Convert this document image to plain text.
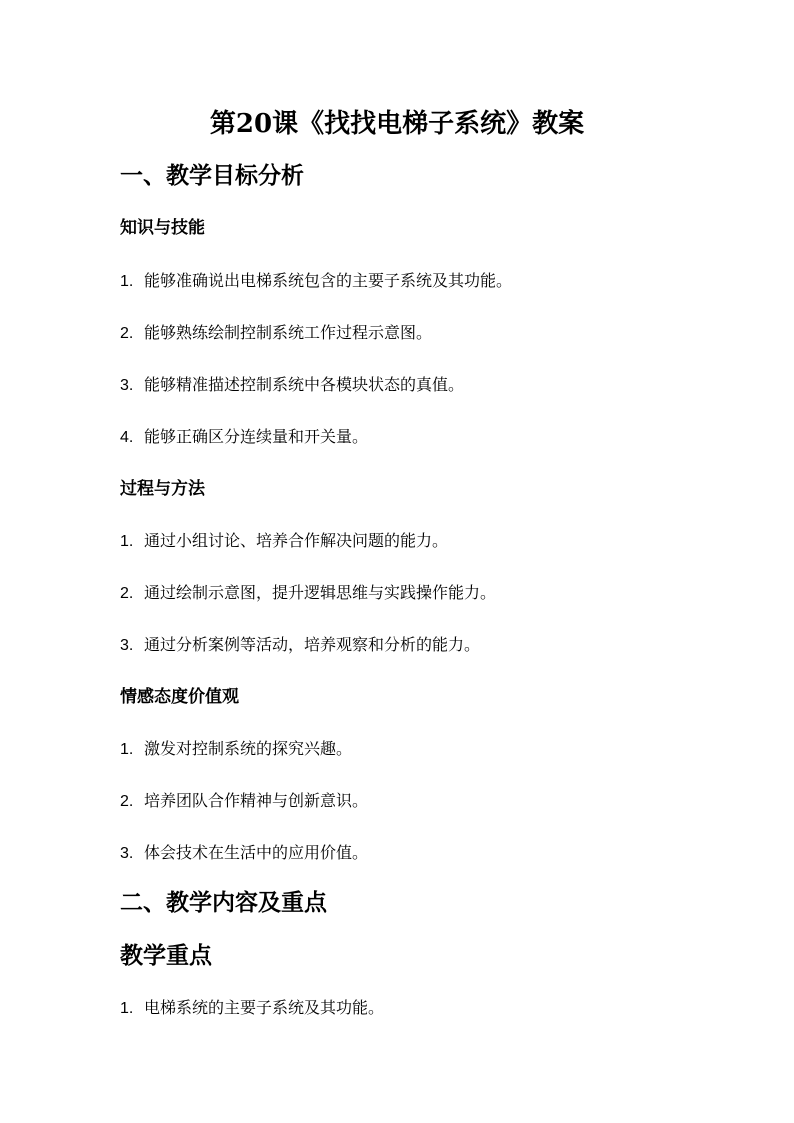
第20课《找找电梯子系统》教案
一、教学目标分析
知识与技能

1. 能够准确说出电梯系统包含的主要子系统及其功能。

2. 能够熟练绘制控制系统工作过程示意图。

3. 能够精准描述控制系统中各模块状态的真值。

4. 能够正确区分连续量和开关量。

过程与方法

1. 通过小组讨论、培养合作解决问题的能力。

2. 通过绘制示意图，提升逻辑思维与实践操作能力。

3. 通过分析案例等活动，培养观察和分析的能力。

情感态度价值观

1. 激发对控制系统的探究兴趣。

2. 培养团队合作精神与创新意识。

3. 体会技术在生活中的应用价值。

二、教学内容及重点
教学重点

1. 电梯系统的主要子系统及其功能。
